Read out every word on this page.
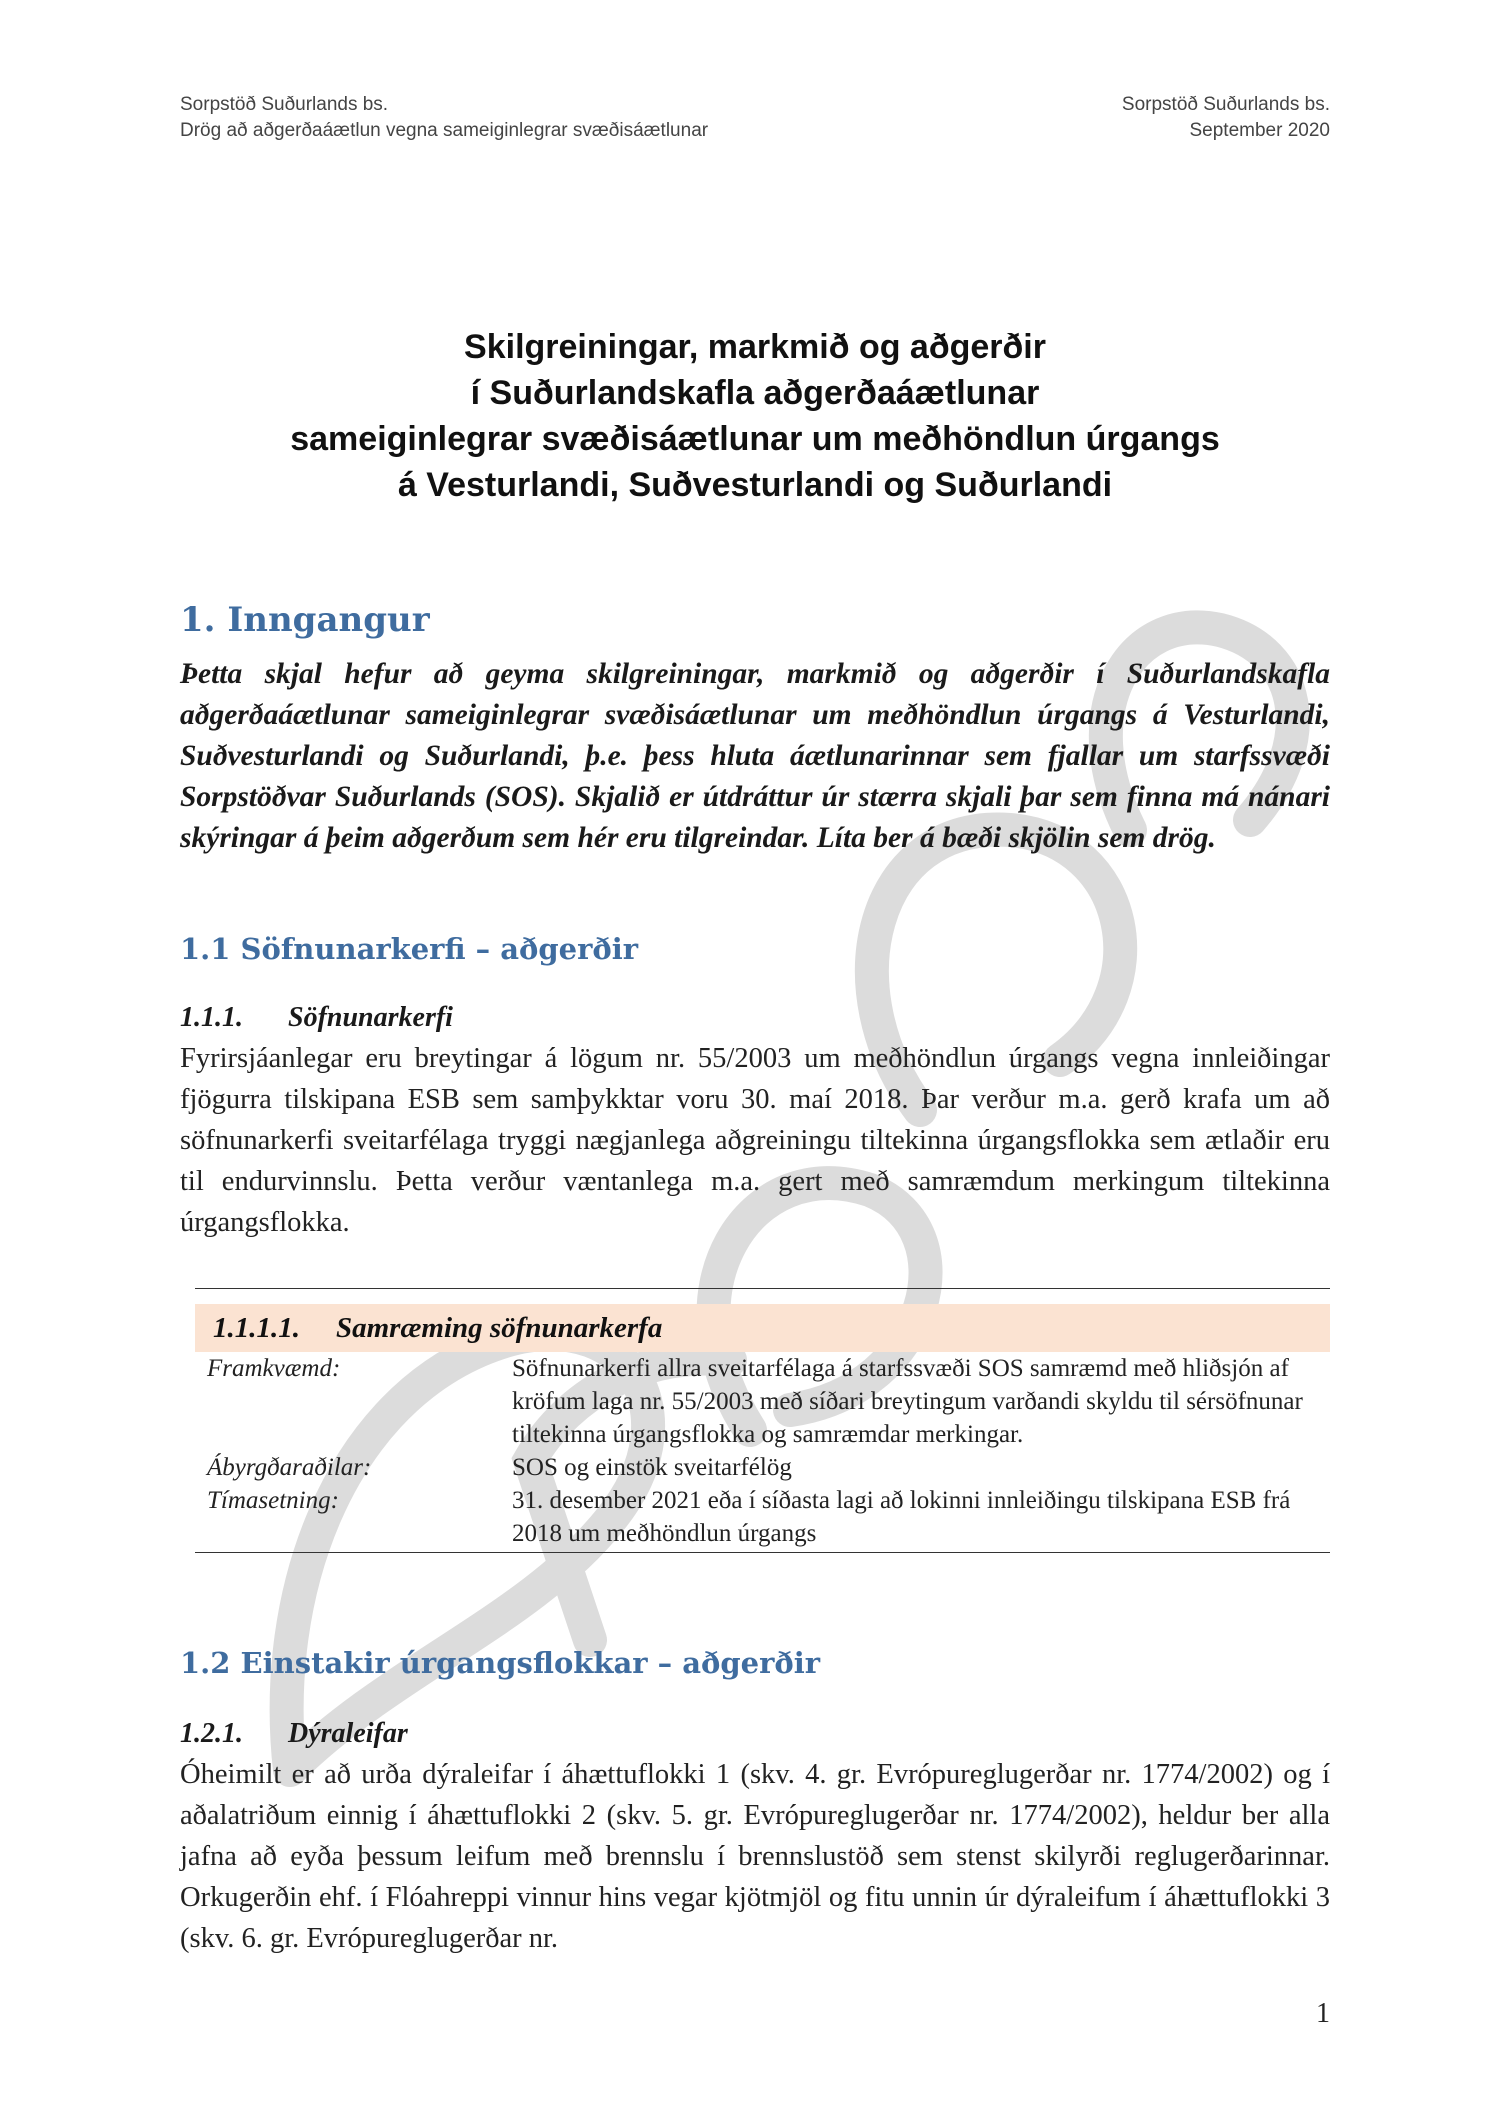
Sorpstöð Suðurlands bs.
Drög að aðgerðaáætlun vegna sameiginlegrar svæðisáætlunar
Sorpstöð Suðurlands bs.
September 2020
Skilgreiningar, markmið og aðgerðir
í Suðurlandskafla aðgerðaáætlunar
sameiginlegrar svæðisáætlunar um meðhöndlun úrgangs
á Vesturlandi, Suðvesturlandi og Suðurlandi
1. Inngangur

Þetta skjal hefur að geyma skilgreiningar, markmið og aðgerðir í Suðurlandskafla aðgerðaáætlunar sameiginlegrar svæðisáætlunar um meðhöndlun úrgangs á Vesturlandi, Suðvesturlandi og Suðurlandi, þ.e. þess hluta áætlunarinnar sem fjallar um starfssvæði Sorpstöðvar Suðurlands (SOS). Skjalið er útdráttur úr stærra skjali þar sem finna má nánari skýringar á þeim aðgerðum sem hér eru tilgreindar. Líta ber á bæði skjölin sem drög.

1.1 Söfnunarkerfi – aðgerðir
1.1.1. Söfnunarkerfi

Fyrirsjáanlegar eru breytingar á lögum nr. 55/2003 um meðhöndlun úrgangs vegna innleiðingar fjögurra tilskipana ESB sem samþykktar voru 30. maí 2018. Þar verður m.a. gerð krafa um að söfnunarkerfi sveitarfélaga tryggi nægjanlega aðgreiningu tiltekinna úrgangsflokka sem ætlaðir eru til endurvinnslu. Þetta verður væntanlega m.a. gert með samræmdum merkingum tiltekinna úrgangsflokka.

1.1.1.1. Samræming söfnunarkerfa
Framkvæmd:	Söfnunarkerfi allra sveitarfélaga á starfssvæði SOS samræmd með hliðsjón af kröfum laga nr. 55/2003 með síðari breytingum varðandi skyldu til sérsöfnunar tiltekinna úrgangsflokka og samræmdar merkingar.
Ábyrgðaraðilar:	SOS og einstök sveitarfélög
Tímasetning:	31. desember 2021 eða í síðasta lagi að lokinni innleiðingu tilskipana ESB frá 2018 um meðhöndlun úrgangs
1.2 Einstakir úrgangsflokkar – aðgerðir
1.2.1. Dýraleifar

Óheimilt er að urða dýraleifar í áhættuflokki 1 (skv. 4. gr. Evrópureglugerðar nr. 1774/2002) og í aðalatriðum einnig í áhættuflokki 2 (skv. 5. gr. Evrópureglugerðar nr. 1774/2002), heldur ber alla jafna að eyða þessum leifum með brennslu í brennslustöð sem stenst skilyrði reglugerðarinnar. Orkugerðin ehf. í Flóahreppi vinnur hins vegar kjötmjöl og fitu unnin úr dýraleifum í áhættuflokki 3 (skv. 6. gr. Evrópureglugerðar nr.

1
